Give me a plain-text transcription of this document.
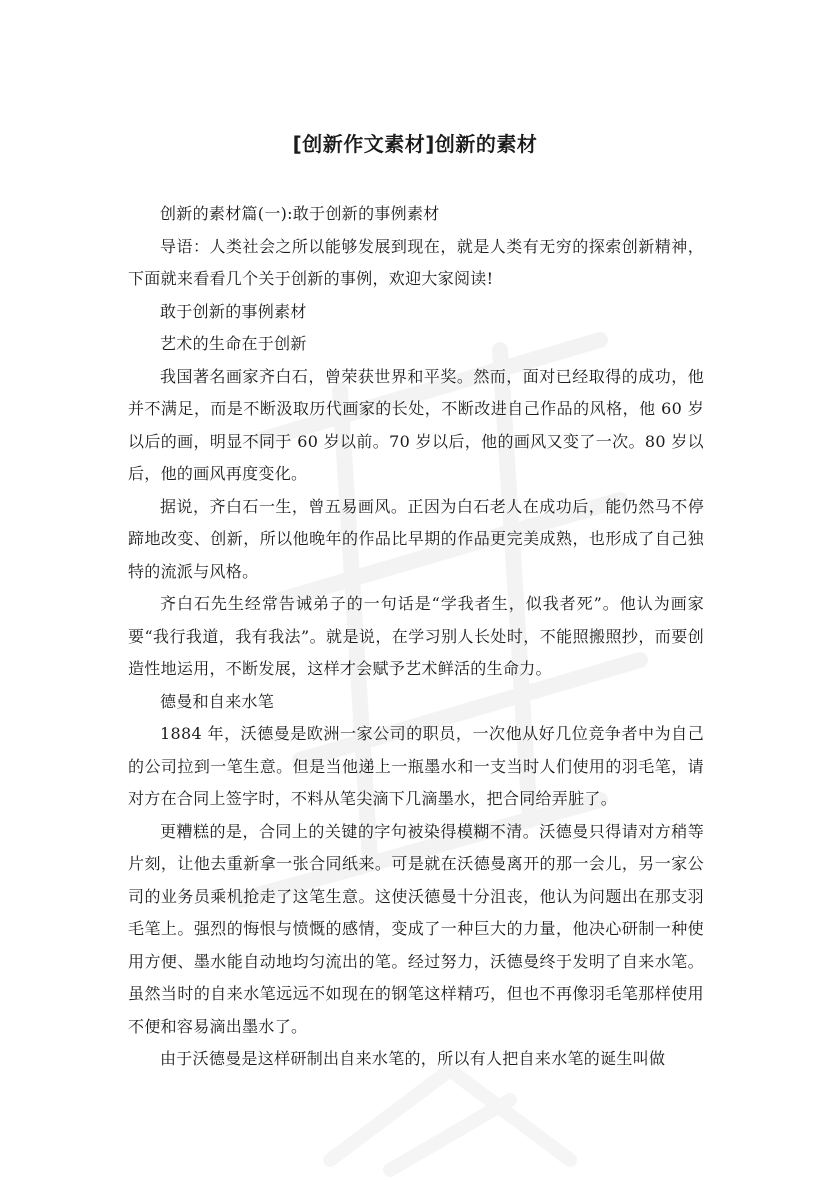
[创新作文素材]创新的素材

创新的素材篇(一):敢于创新的事例素材

导语：人类社会之所以能够发展到现在，就是人类有无穷的探索创新精神，下面就来看看几个关于创新的事例，欢迎大家阅读!

敢于创新的事例素材

艺术的生命在于创新

我国著名画家齐白石，曾荣获世界和平奖。然而，面对已经取得的成功，他并不满足，而是不断汲取历代画家的长处，不断改进自己作品的风格，他 60 岁以后的画，明显不同于 60 岁以前。70 岁以后，他的画风又变了一次。80 岁以后，他的画风再度变化。

据说，齐白石一生，曾五易画风。正因为白石老人在成功后，能仍然马不停蹄地改变、创新，所以他晚年的作品比早期的作品更完美成熟，也形成了自己独特的流派与风格。

齐白石先生经常告诫弟子的一句话是“学我者生，似我者死”。他认为画家要“我行我道，我有我法”。就是说，在学习别人长处时，不能照搬照抄，而要创造性地运用，不断发展，这样才会赋予艺术鲜活的生命力。

德曼和自来水笔

1884 年，沃德曼是欧洲一家公司的职员，一次他从好几位竞争者中为自己的公司拉到一笔生意。但是当他递上一瓶墨水和一支当时人们使用的羽毛笔，请对方在合同上签字时，不料从笔尖滴下几滴墨水，把合同给弄脏了。

更糟糕的是，合同上的关键的字句被染得模糊不清。沃德曼只得请对方稍等片刻，让他去重新拿一张合同纸来。可是就在沃德曼离开的那一会儿，另一家公司的业务员乘机抢走了这笔生意。这使沃德曼十分沮丧，他认为问题出在那支羽毛笔上。强烈的悔恨与愤慨的感情，变成了一种巨大的力量，他决心研制一种使用方便、墨水能自动地均匀流出的笔。经过努力，沃德曼终于发明了自来水笔。虽然当时的自来水笔远远不如现在的钢笔这样精巧，但也不再像羽毛笔那样使用不便和容易滴出墨水了。

由于沃德曼是这样研制出自来水笔的，所以有人把自来水笔的诞生叫做
